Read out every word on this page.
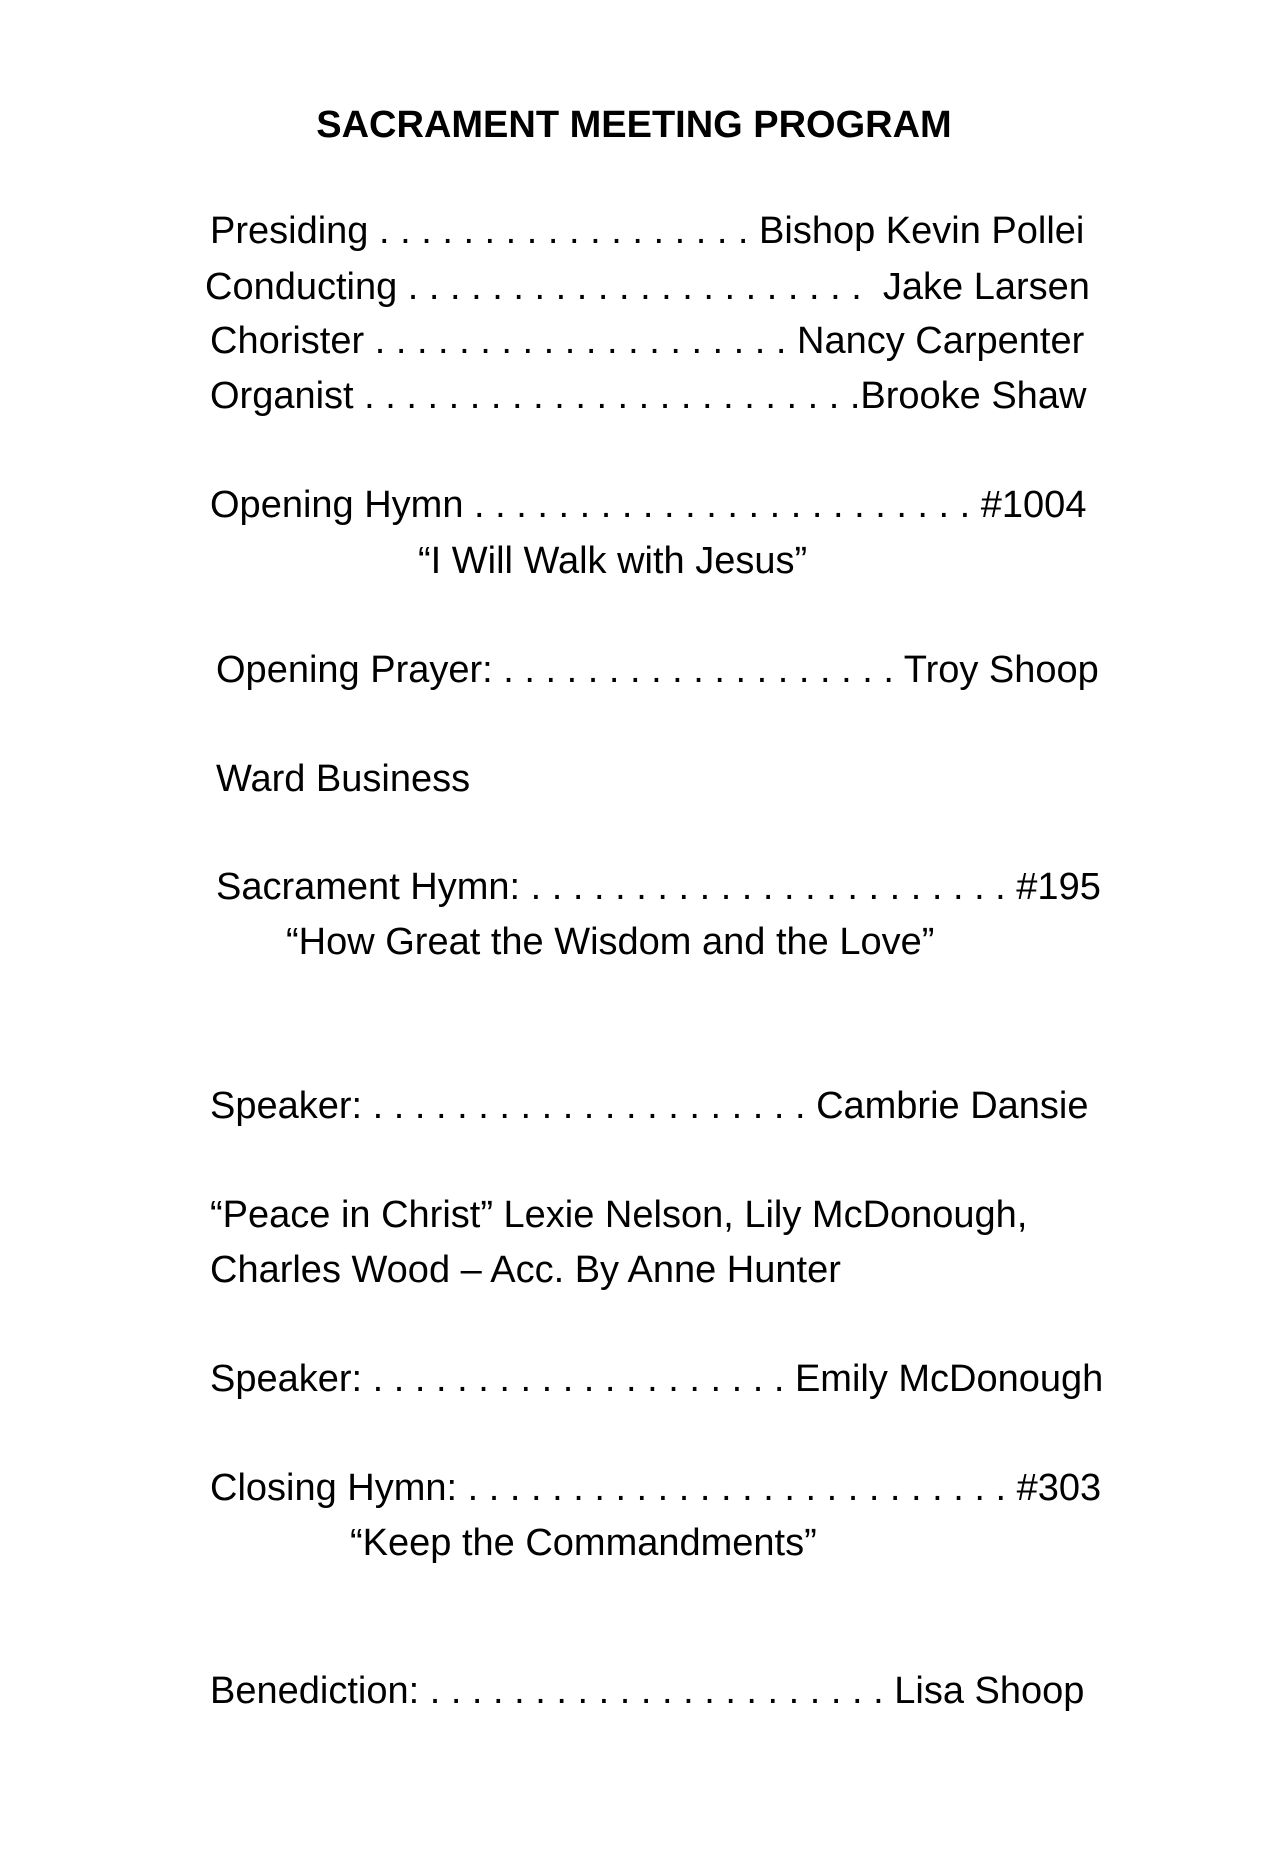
SACRAMENT MEETING PROGRAM

Presiding . . . . . . . . . . . . . . . . . . Bishop Kevin Pollei

Conducting . . . . . . . . . . . . . . . . . . . . . .  Jake Larsen

Chorister . . . . . . . . . . . . . . . . . . . . Nancy Carpenter

Organist . . . . . . . . . . . . . . . . . . . . . . . .Brooke Shaw

Opening Hymn . . . . . . . . . . . . . . . . . . . . . . . . #1004

“I Will Walk with Jesus”

Opening Prayer: . . . . . . . . . . . . . . . . . . . Troy Shoop

Ward Business

Sacrament Hymn: . . . . . . . . . . . . . . . . . . . . . . . #195

“How Great the Wisdom and the Love”

Speaker: . . . . . . . . . . . . . . . . . . . . . Cambrie Dansie

“Peace in Christ” Lexie Nelson, Lily McDonough,

Charles Wood – Acc. By Anne Hunter

Speaker: . . . . . . . . . . . . . . . . . . . . Emily McDonough

Closing Hymn: . . . . . . . . . . . . . . . . . . . . . . . . . . #303

“Keep the Commandments”

Benediction: . . . . . . . . . . . . . . . . . . . . . . Lisa Shoop
